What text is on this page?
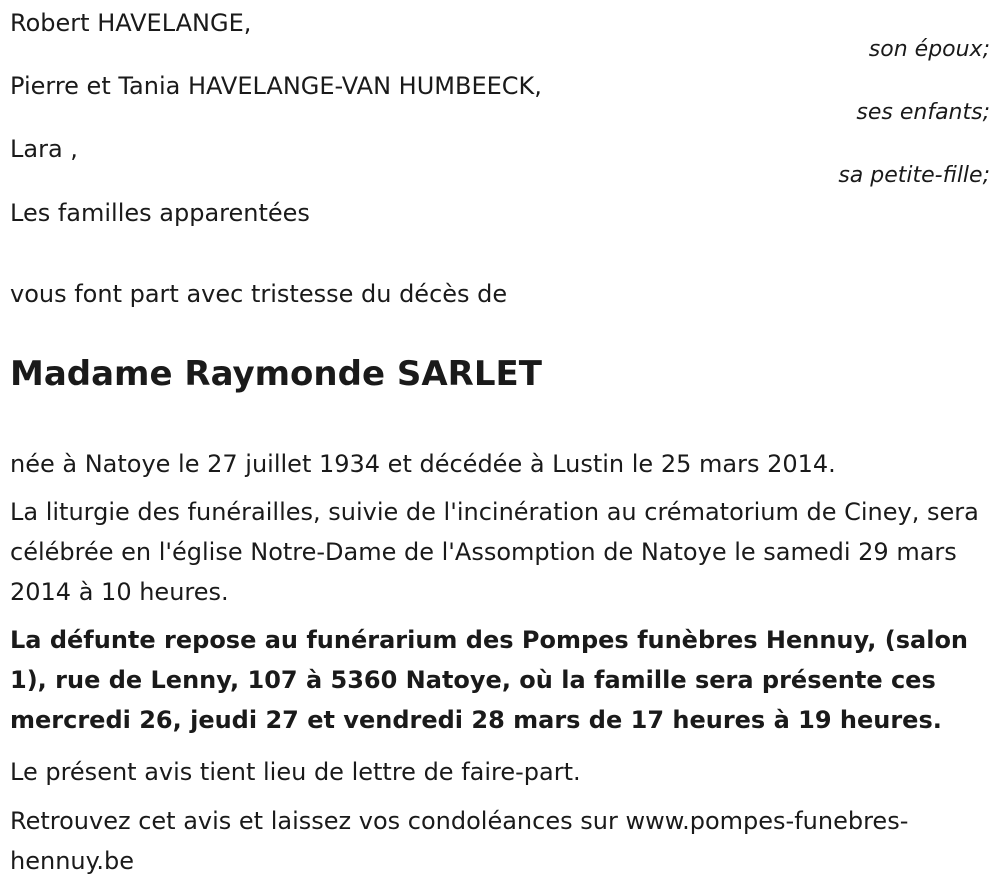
Robert HAVELANGE,
son époux;
Pierre et Tania HAVELANGE-VAN HUMBEECK,
ses enfants;
Lara ,
sa petite-fille;
Les familles apparentées
vous font part avec tristesse du décès de
Madame Raymonde SARLET
née à Natoye le 27 juillet 1934 et décédée à Lustin le 25 mars 2014.
La liturgie des funérailles, suivie de l'incinération au crématorium de Ciney, sera célébrée en l'église Notre-Dame de l'Assomption de Natoye le samedi 29 mars 2014 à 10 heures.
La défunte repose au funérarium des Pompes funèbres Hennuy, (salon 1), rue de Lenny, 107 à 5360 Natoye, où la famille sera présente ces mercredi 26, jeudi 27 et vendredi 28 mars de 17 heures à 19 heures.
Le présent avis tient lieu de lettre de faire-part.
Retrouvez cet avis et laissez vos condoléances sur www.pompes-funebres-hennuy.be
